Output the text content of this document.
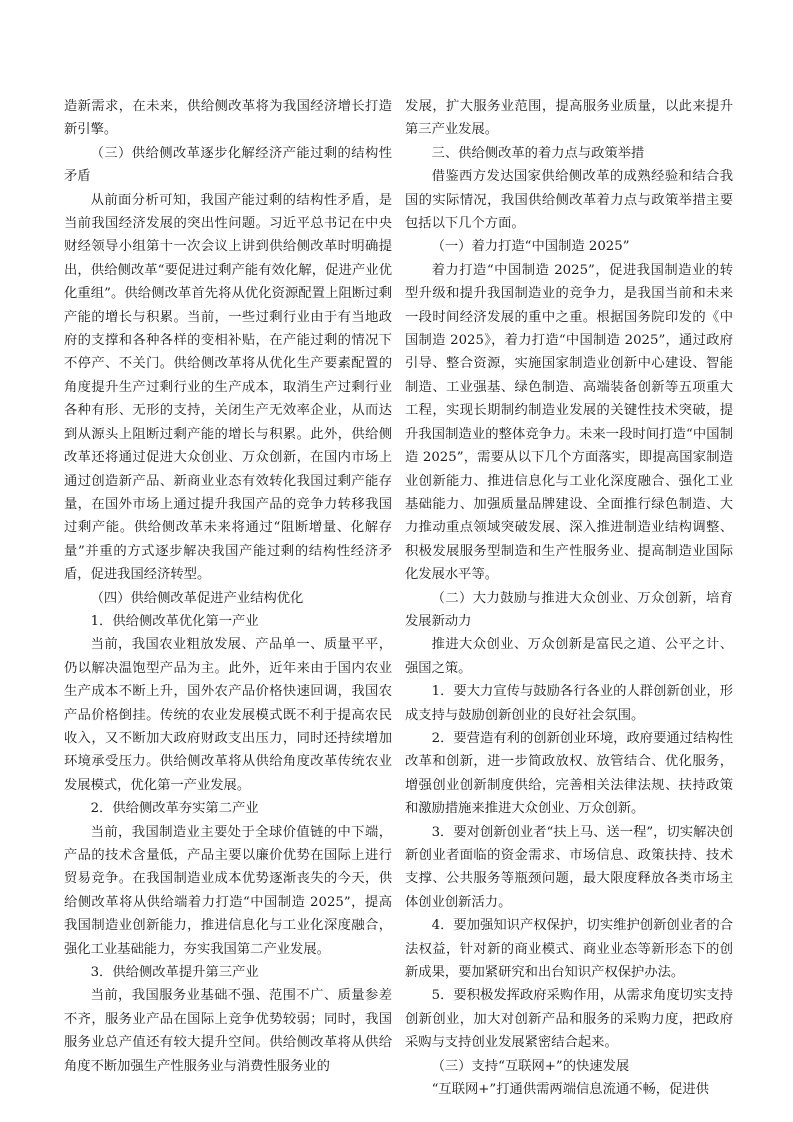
造新需求，在未来，供给侧改革将为我国经济增长打造新引擎。

（三）供给侧改革逐步化解经济产能过剩的结构性矛盾

从前面分析可知，我国产能过剩的结构性矛盾，是当前我国经济发展的突出性问题。习近平总书记在中央财经领导小组第十一次会议上讲到供给侧改革时明确提出，供给侧改革“要促进过剩产能有效化解，促进产业优化重组”。供给侧改革首先将从优化资源配置上阻断过剩产能的增长与积累。当前，一些过剩行业由于有当地政府的支撑和各种各样的变相补贴，在产能过剩的情况下不停产、不关门。供给侧改革将从优化生产要素配置的角度提升生产过剩行业的生产成本，取消生产过剩行业各种有形、无形的支持，关闭生产无效率企业，从而达到从源头上阻断过剩产能的增长与积累。此外，供给侧改革还将通过促进大众创业、万众创新，在国内市场上通过创造新产品、新商业业态有效转化我国过剩产能存量，在国外市场上通过提升我国产品的竞争力转移我国过剩产能。供给侧改革未来将通过“阻断增量、化解存量”并重的方式逐步解决我国产能过剩的结构性经济矛盾，促进我国经济转型。

（四）供给侧改革促进产业结构优化

1．供给侧改革优化第一产业

当前，我国农业粗放发展、产品单一、质量平平，仍以解决温饱型产品为主。此外，近年来由于国内农业生产成本不断上升，国外农产品价格快速回调，我国农产品价格倒挂。传统的农业发展模式既不利于提高农民收入，又不断加大政府财政支出压力，同时还持续增加环境承受压力。供给侧改革将从供给角度改革传统农业发展模式，优化第一产业发展。

2．供给侧改革夯实第二产业

当前，我国制造业主要处于全球价值链的中下端，产品的技术含量低，产品主要以廉价优势在国际上进行贸易竞争。在我国制造业成本优势逐渐丧失的今天，供给侧改革将从供给端着力打造“中国制造 2025”，提高我国制造业创新能力，推进信息化与工业化深度融合，强化工业基础能力，夯实我国第二产业发展。

3．供给侧改革提升第三产业

当前，我国服务业基础不强、范围不广、质量参差不齐，服务业产品在国际上竞争优势较弱；同时，我国服务业总产值还有较大提升空间。供给侧改革将从供给角度不断加强生产性服务业与消费性服务业的

发展，扩大服务业范围，提高服务业质量，以此来提升第三产业发展。

三、供给侧改革的着力点与政策举措

借鉴西方发达国家供给侧改革的成熟经验和结合我国的实际情况，我国供给侧改革着力点与政策举措主要包括以下几个方面。

（一）着力打造“中国制造 2025”

着力打造“中国制造 2025”，促进我国制造业的转型升级和提升我国制造业的竞争力，是我国当前和未来一段时间经济发展的重中之重。根据国务院印发的《中国制造 2025》，着力打造“中国制造 2025”，通过政府引导、整合资源，实施国家制造业创新中心建设、智能制造、工业强基、绿色制造、高端装备创新等五项重大工程，实现长期制约制造业发展的关键性技术突破，提升我国制造业的整体竞争力。未来一段时间打造“中国制造 2025”，需要从以下几个方面落实，即提高国家制造业创新能力、推进信息化与工业化深度融合、强化工业基础能力、加强质量品牌建设、全面推行绿色制造、大力推动重点领域突破发展、深入推进制造业结构调整、积极发展服务型制造和生产性服务业、提高制造业国际化发展水平等。

（二）大力鼓励与推进大众创业、万众创新，培育发展新动力

推进大众创业、万众创新是富民之道、公平之计、强国之策。

1．要大力宣传与鼓励各行各业的人群创新创业，形成支持与鼓励创新创业的良好社会氛围。

2．要营造有利的创新创业环境，政府要通过结构性改革和创新，进一步简政放权、放管结合、优化服务，增强创业创新制度供给，完善相关法律法规、扶持政策和激励措施来推进大众创业、万众创新。

3．要对创新创业者“扶上马、送一程”，切实解决创新创业者面临的资金需求、市场信息、政策扶持、技术支撑、公共服务等瓶颈问题，最大限度释放各类市场主体创业创新活力。

4．要加强知识产权保护，切实维护创新创业者的合法权益，针对新的商业模式、商业业态等新形态下的创新成果，要加紧研究和出台知识产权保护办法。

5．要积极发挥政府采购作用，从需求角度切实支持创新创业，加大对创新产品和服务的采购力度，把政府采购与支持创业发展紧密结合起来。

（三）支持“互联网+”的快速发展

“互联网+”打通供需两端信息流通不畅，促进供
